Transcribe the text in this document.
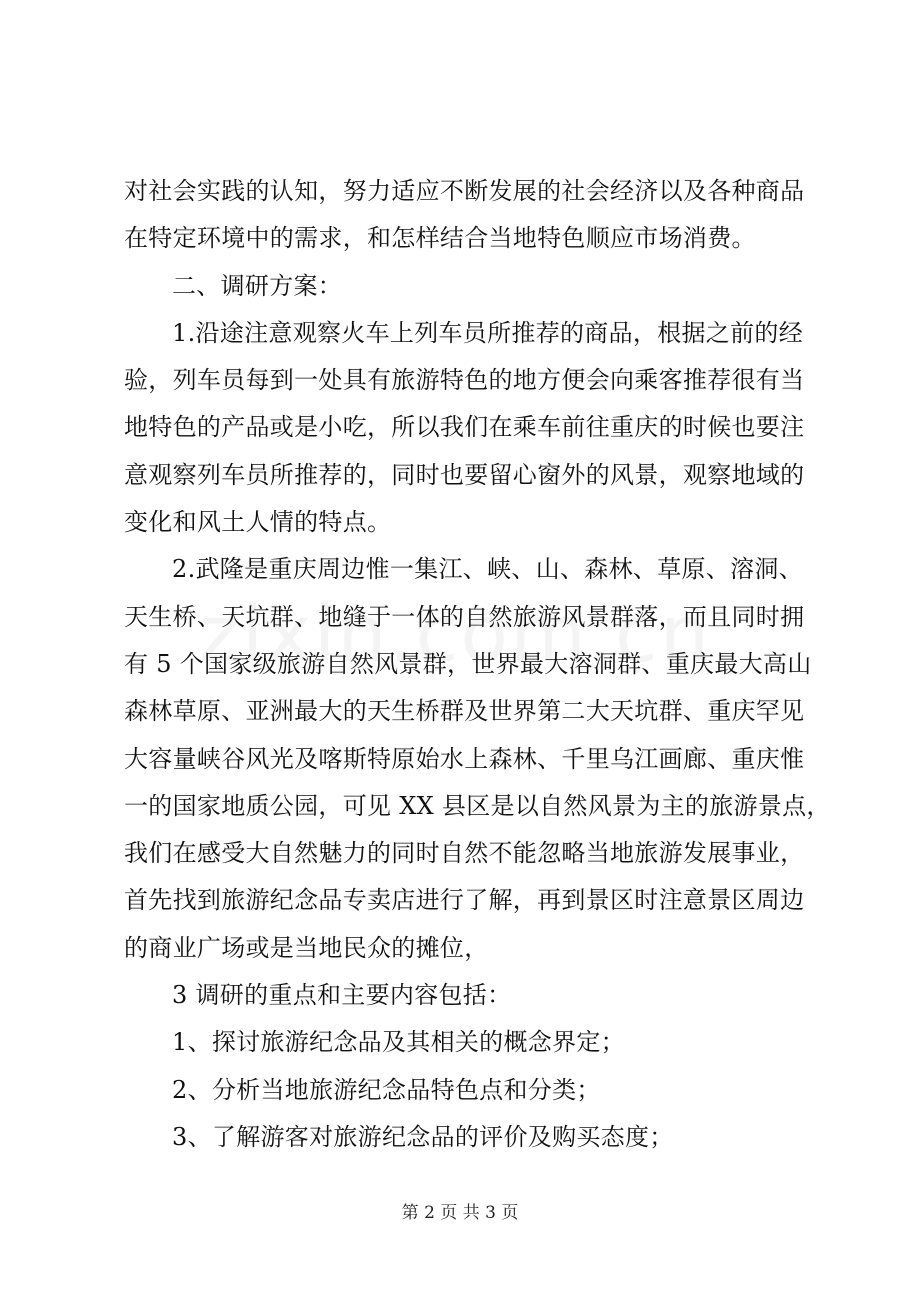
对社会实践的认知，努力适应不断发展的社会经济以及各种商品
在特定环境中的需求，和怎样结合当地特色顺应市场消费。
二、调研方案：
1.沿途注意观察火车上列车员所推荐的商品，根据之前的经
验，列车员每到一处具有旅游特色的地方便会向乘客推荐很有当
地特色的产品或是小吃，所以我们在乘车前往重庆的时候也要注
意观察列车员所推荐的，同时也要留心窗外的风景，观察地域的
变化和风土人情的特点。
2.武隆是重庆周边惟一集江、峡、山、森林、草原、溶洞、
天生桥、天坑群、地缝于一体的自然旅游风景群落，而且同时拥
有 5 个国家级旅游自然风景群，世界最大溶洞群、重庆最大高山
森林草原、亚洲最大的天生桥群及世界第二大天坑群、重庆罕见
大容量峡谷风光及喀斯特原始水上森林、千里乌江画廊、重庆惟
一的国家地质公园，可见 XX 县区是以自然风景为主的旅游景点，
我们在感受大自然魅力的同时自然不能忽略当地旅游发展事业，
首先找到旅游纪念品专卖店进行了解，再到景区时注意景区周边
的商业广场或是当地民众的摊位，
3 调研的重点和主要内容包括：
1、探讨旅游纪念品及其相关的概念界定；
2、分析当地旅游纪念品特色点和分类；
3、了解游客对旅游纪念品的评价及购买态度；
第 2 页 共 3 页
